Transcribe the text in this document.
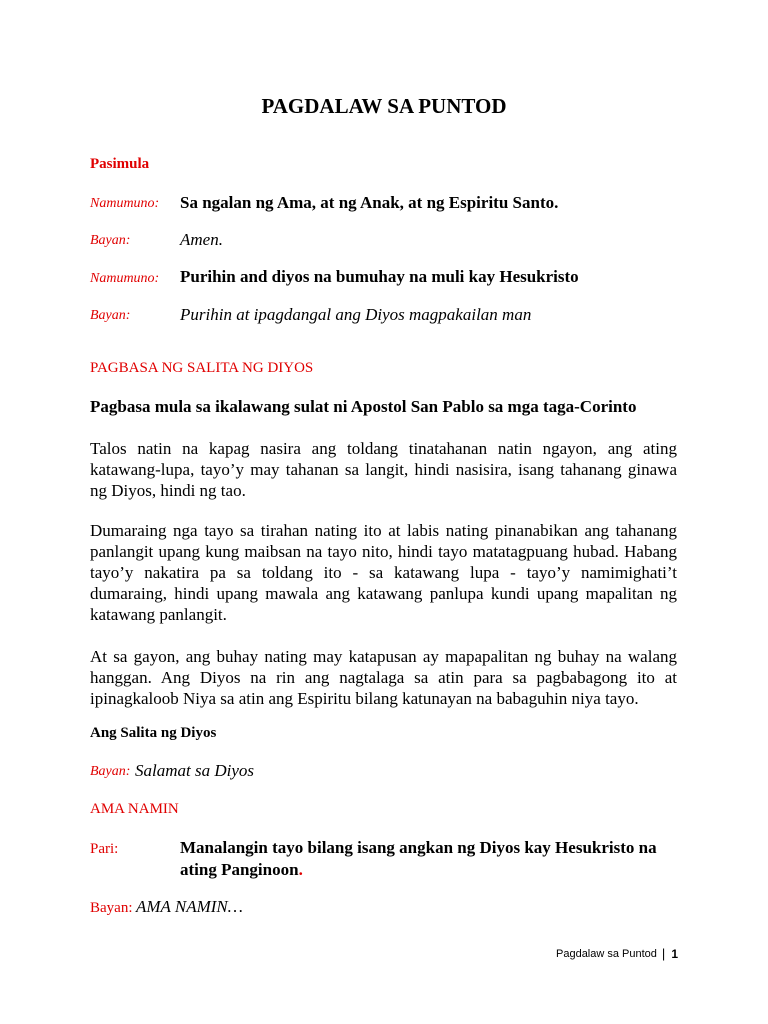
PAGDALAW SA PUNTOD
Pasimula
Namumuno: Sa ngalan ng Ama, at ng Anak, at ng Espiritu Santo.
Bayan:	Amen.
Namumuno: Purihin and diyos na bumuhay na muli kay Hesukristo
Bayan:	Purihin at ipagdangal ang Diyos magpakailan man
PAGBASA NG SALITA NG DIYOS
Pagbasa mula sa ikalawang sulat ni Apostol San Pablo sa mga taga-Corinto
Talos natin na kapag nasira ang toldang tinatahanan natin ngayon, ang ating katawang-lupa, tayo’y may tahanan sa langit, hindi nasisira, isang tahanang ginawa ng Diyos, hindi ng tao.
Dumaraing nga tayo sa tirahan nating ito at labis nating pinanabikan ang tahanang panlangit upang kung maibsan na tayo nito, hindi tayo matatagpuang hubad. Habang tayo’y nakatira pa sa toldang ito - sa katawang lupa - tayo’y namimighati’t dumaraing, hindi upang mawala ang katawang panlupa kundi upang mapalitan ng katawang panlangit.
At sa gayon, ang buhay nating may katapusan ay mapapalitan ng buhay na walang hanggan. Ang Diyos na rin ang nagtalaga sa atin para sa pagbabagong ito at ipinagkaloob Niya sa atin ang Espiritu bilang katunayan na babaguhin niya tayo.
Ang Salita ng Diyos
Bayan: Salamat sa Diyos
AMA NAMIN
Pari:	Manalangin tayo bilang isang angkan ng Diyos kay Hesukristo na
ating Panginoon.
Bayan: AMA NAMIN…
Pagdalaw sa Puntod | 1
